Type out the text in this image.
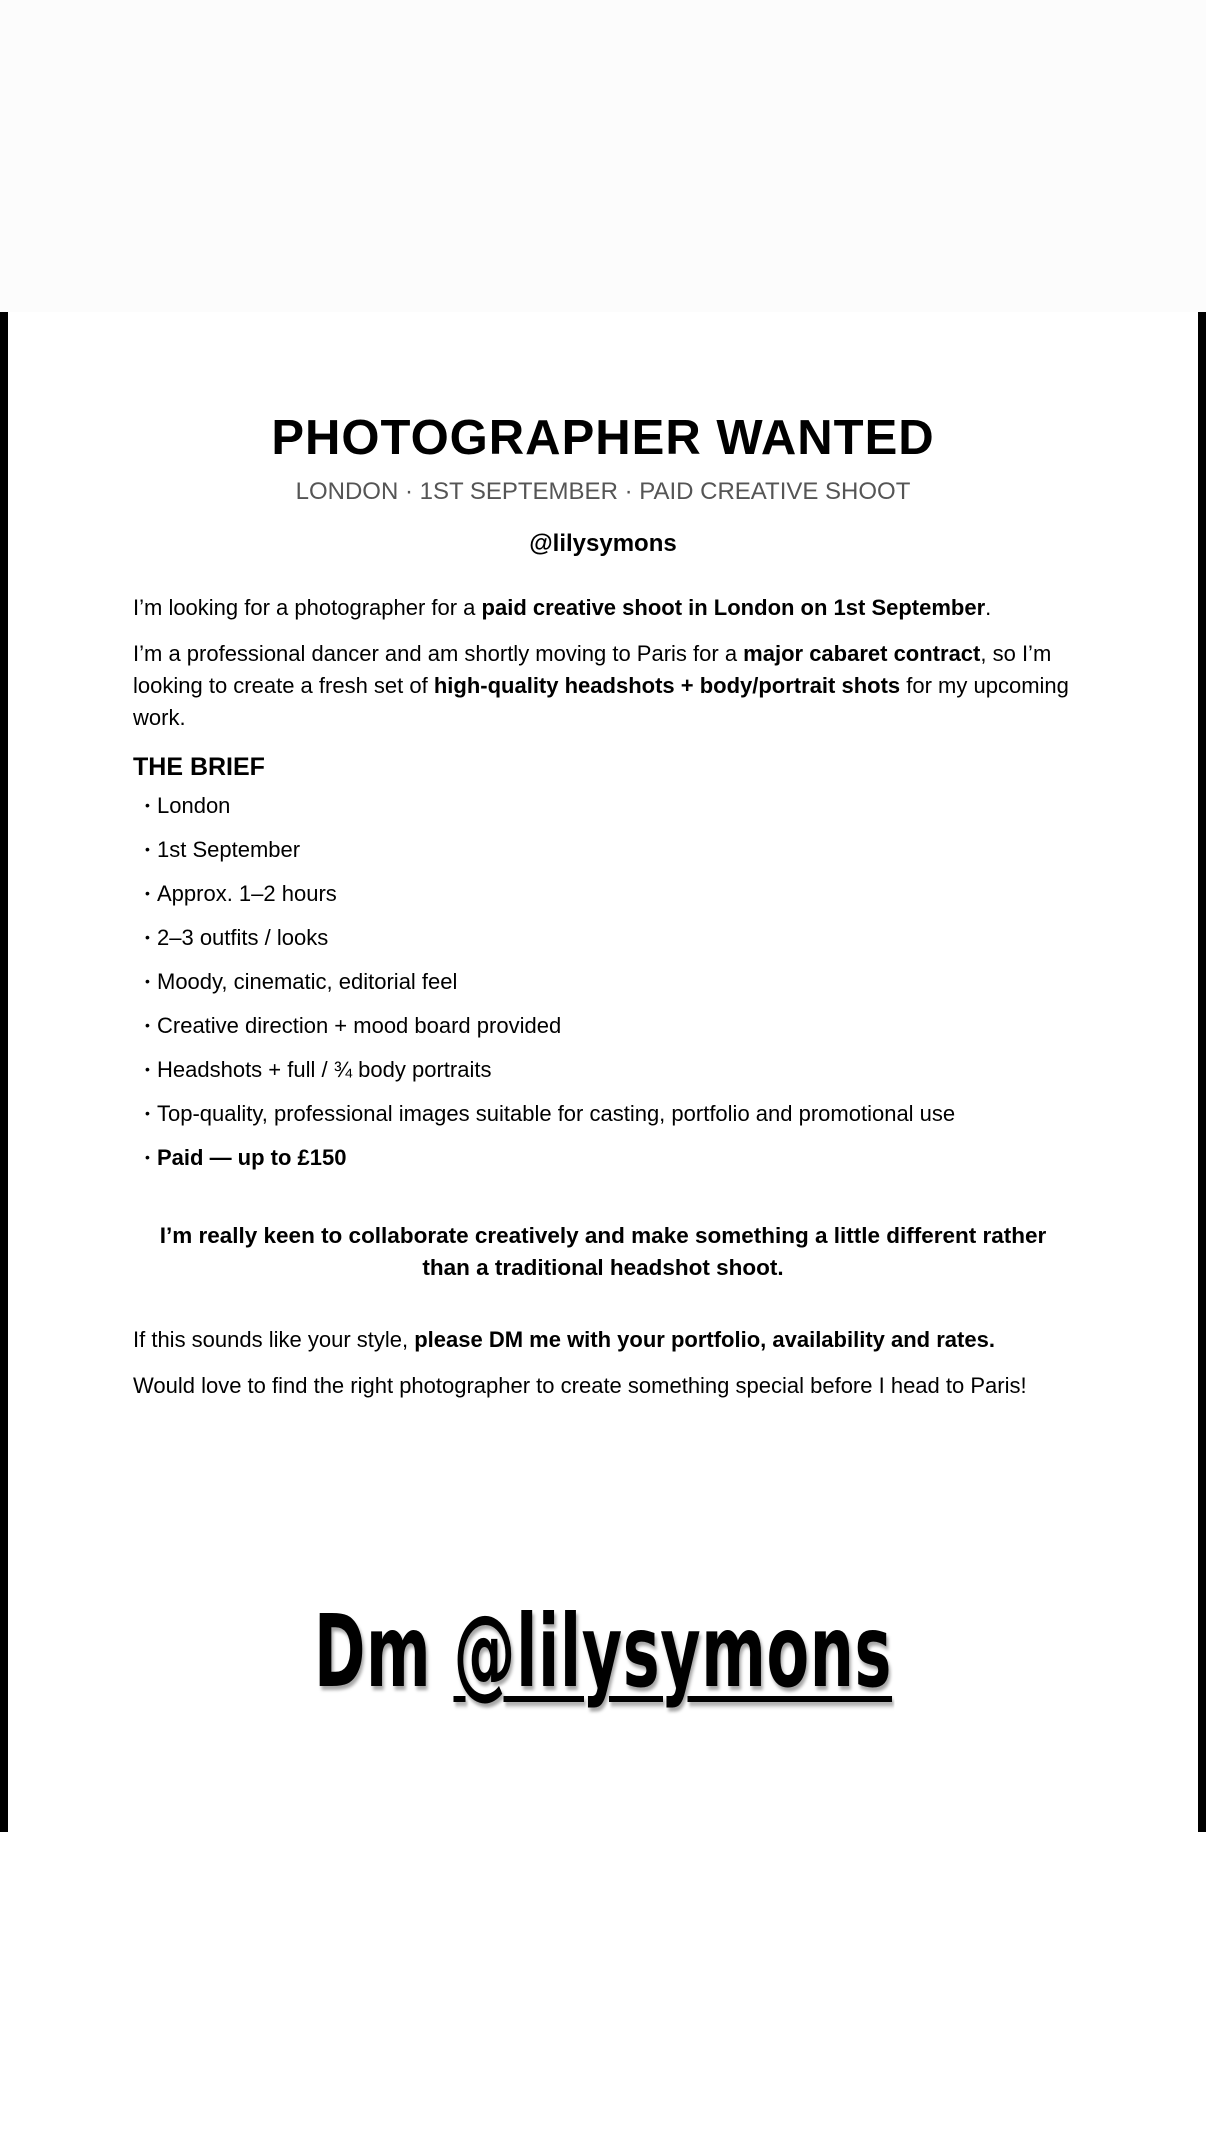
PHOTOGRAPHER WANTED
LONDON · 1ST SEPTEMBER · PAID CREATIVE SHOOT
@lilysymons

I’m looking for a photographer for a paid creative shoot in London on 1st September.

I’m a professional dancer and am shortly moving to Paris for a major cabaret contract, so I’m looking to create a fresh set of high-quality headshots + body/portrait shots for my upcoming work.

THE BRIEF
• London
• 1st September
• Approx. 1–2 hours
• 2–3 outfits / looks
• Moody, cinematic, editorial feel
• Creative direction + mood board provided
• Headshots + full / ¾ body portraits
• Top-quality, professional images suitable for casting, portfolio and promotional use
• Paid — up to £150

I’m really keen to collaborate creatively and make something a little different rather than a traditional headshot shoot.

If this sounds like your style, please DM me with your portfolio, availability and rates.

Would love to find the right photographer to create something special before I head to Paris!

Dm @lilysymons
